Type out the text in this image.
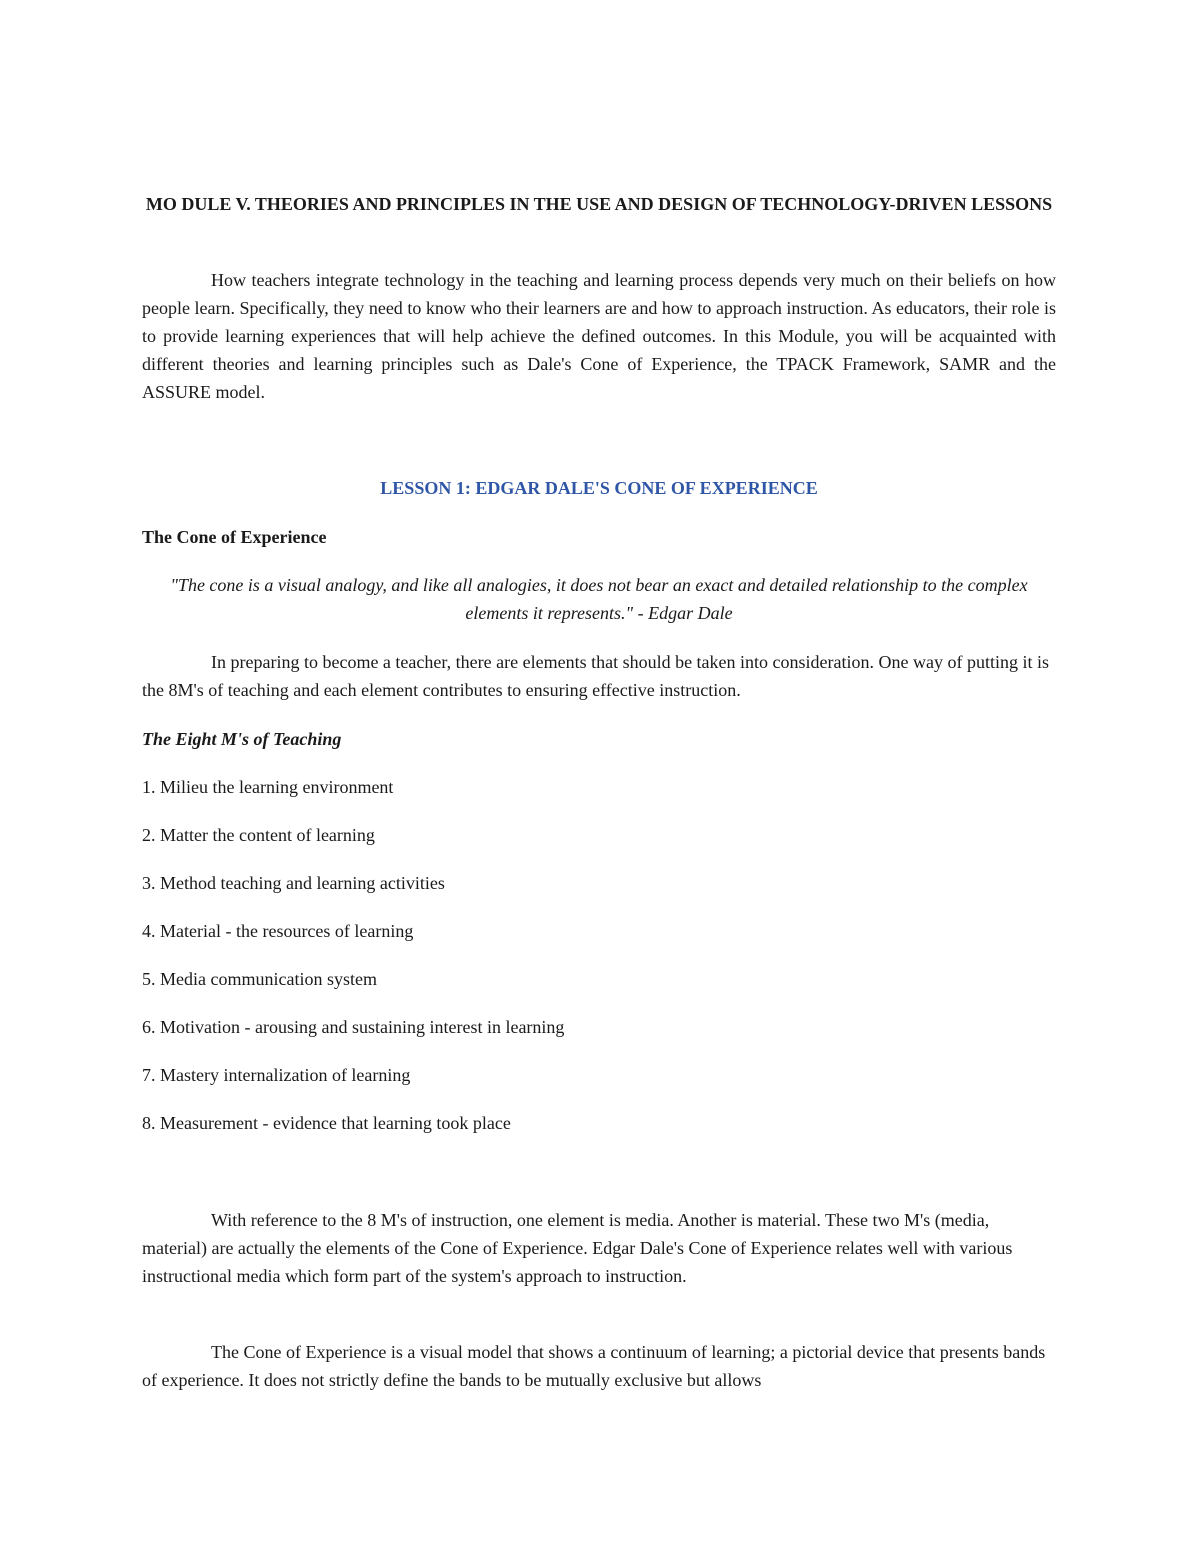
MO DULE V. THEORIES AND PRINCIPLES IN THE USE AND DESIGN OF TECHNOLOGY-DRIVEN LESSONS

How teachers integrate technology in the teaching and learning process depends very much on their beliefs on how people learn. Specifically, they need to know who their learners are and how to approach instruction. As educators, their role is to provide learning experiences that will help achieve the defined outcomes. In this Module, you will be acquainted with different theories and learning principles such as Dale's Cone of Experience, the TPACK Framework, SAMR and the ASSURE model.

LESSON 1: EDGAR DALE'S CONE OF EXPERIENCE
The Cone of Experience

"The cone is a visual analogy, and like all analogies, it does not bear an exact and detailed relationship to the complex elements it represents." - Edgar Dale

In preparing to become a teacher, there are elements that should be taken into consideration. One way of putting it is the 8M's of teaching and each element contributes to ensuring effective instruction.

The Eight M's of Teaching

1. Milieu the learning environment

2. Matter the content of learning

3. Method teaching and learning activities

4. Material - the resources of learning

5. Media communication system

6. Motivation - arousing and sustaining interest in learning

7. Mastery internalization of learning

8. Measurement - evidence that learning took place

With reference to the 8 M's of instruction, one element is media. Another is material. These two M's (media, material) are actually the elements of the Cone of Experience. Edgar Dale's Cone of Experience relates well with various instructional media which form part of the system's approach to instruction.

The Cone of Experience is a visual model that shows a continuum of learning; a pictorial device that presents bands of experience. It does not strictly define the bands to be mutually exclusive but allows
